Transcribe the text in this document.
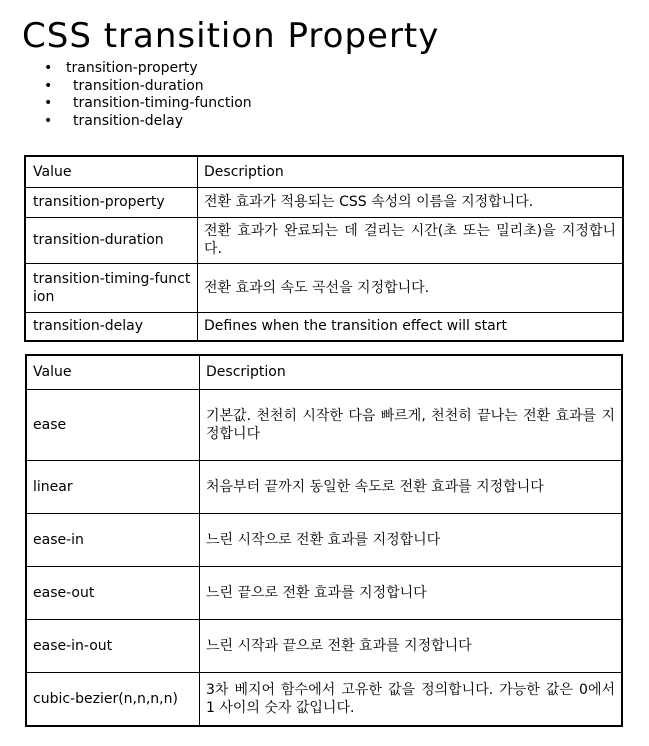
CSS transition Property
• transition-property
• transition-duration
• transition-timing-function
• transition-delay
Value	Description
transition-property	전환 효과가 적용되는 CSS 속성의 이름을 지정합니다.
transition-duration	전환 효과가 완료되는 데 걸리는 시간(초 또는 밀리초)을 지정합니다.
transition-timing-function	전환 효과의 속도 곡선을 지정합니다.
transition-delay	Defines when the transition effect will start
Value	Description
ease	기본값. 천천히 시작한 다음 빠르게, 천천히 끝나는 전환 효과를 지정합니다
linear	처음부터 끝까지 동일한 속도로 전환 효과를 지정합니다
ease-in	느린 시작으로 전환 효과를 지정합니다
ease-out	느린 끝으로 전환 효과를 지정합니다
ease-in-out	느린 시작과 끝으로 전환 효과를 지정합니다
cubic-bezier(n,n,n,n)	3차 베지어 함수에서 고유한 값을 정의합니다. 가능한 값은 0에서 1 사이의 숫자 값입니다.
